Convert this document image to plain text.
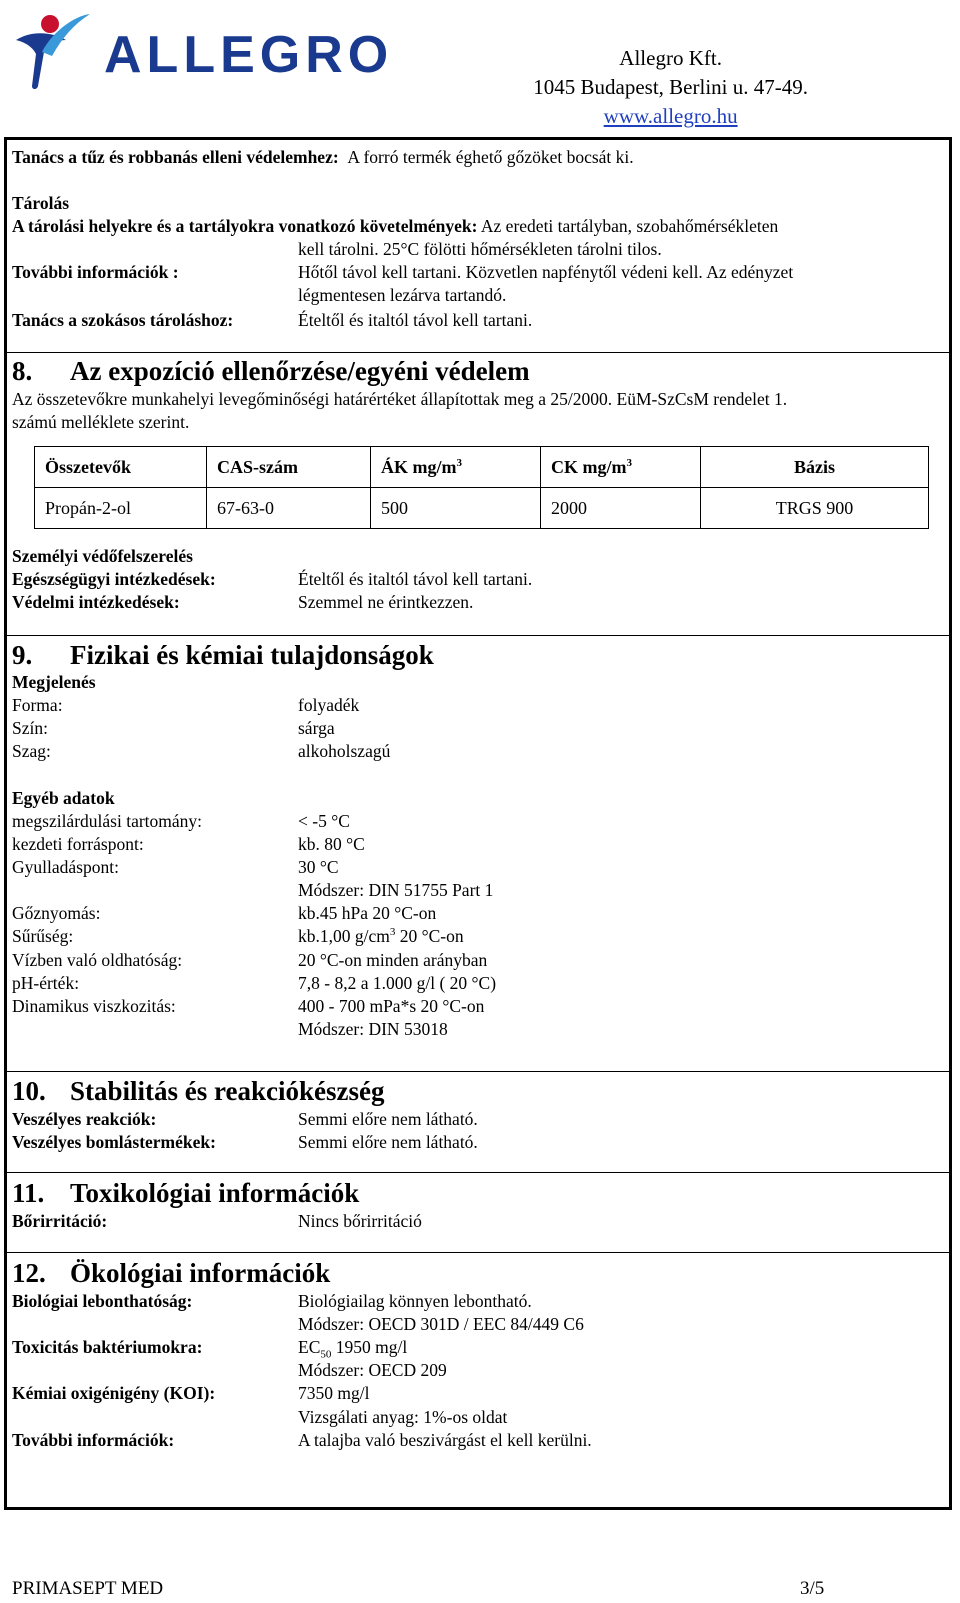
ALLEGRO	Allegro Kft.
1045 Budapest, Berlini u. 47-49.
www.allegro.hu
Tanács a tűz és robbanás elleni védelemhez: A forró termék éghető gőzöket bocsát ki.
Tárolás
A tárolási helyekre és a tartályokra vonatkozó követelmények: Az eredeti tartályban, szobahőmérsékleten
kell tárolni. 25°C fölötti hőmérsékleten tárolni tilos.
További információk :	Hőtől távol kell tartani. Közvetlen napfénytől védeni kell. Az edényzet
légmentesen lezárva tartandó.
Tanács a szokásos tároláshoz:	Ételtől és italtól távol kell tartani.
8. Az expozíció ellenőrzése/egyéni védelem
Az összetevőkre munkahelyi levegőminőségi határértéket állapítottak meg a 25/2000. EüM-SzCsM rendelet 1.
számú melléklete szerint.
Összetevők	CAS-szám	ÁK $mg/m^3$	CK $mg/m^3$	Bázis
Propán-2-ol	67-63-0	500	2000	TRGS 900
Személyi védőfelszerelés
Egészségügyi intézkedések:	Ételtől és italtól távol kell tartani.
Védelmi intézkedések:	Szemmel ne érintkezzen.
9. Fizikai és kémiai tulajdonságok
Megjelenés
Forma:	folyadék
Szín:	sárga
Szag:	alkoholszagú
Egyéb adatok
megszilárdulási tartomány:	< -5 °C
kezdeti forráspont:	kb. 80 °C
Gyulladáspont:	30 °C
Módszer: DIN 51755 Part 1
Gőznyomás:	kb.45 hPa 20 °C-on
Sűrűség:	kb.1,00 $g/cm^3$ 20 °C-on
Vízben való oldhatóság:	20 °C-on minden arányban
pH-érték:	7,8 - 8,2 a 1.000 g/l ( 20 °C)
Dinamikus viszkozitás:	400 - 700 mPa*s 20 °C-on
Módszer: DIN 53018
10. Stabilitás és reakciókészség
Veszélyes reakciók:	Semmi előre nem látható.
Veszélyes bomlástermékek:	Semmi előre nem látható.
11. Toxikológiai információk
Bőrirritáció:	Nincs bőrirritáció
12. Ökológiai információk
Biológiai lebonthatóság:	Biológiailag könnyen lebontható.
Módszer: OECD 301D / EEC 84/449 C6
Toxicitás baktériumokra:	$EC_{50}$ 1950 mg/l
Módszer: OECD 209
Kémiai oxigénigény (KOI):	7350 mg/l
Vizsgálati anyag: 1%-os oldat
További információk:	A talajba való beszivárgást el kell kerülni.
PRIMASEPT MED	3/5
